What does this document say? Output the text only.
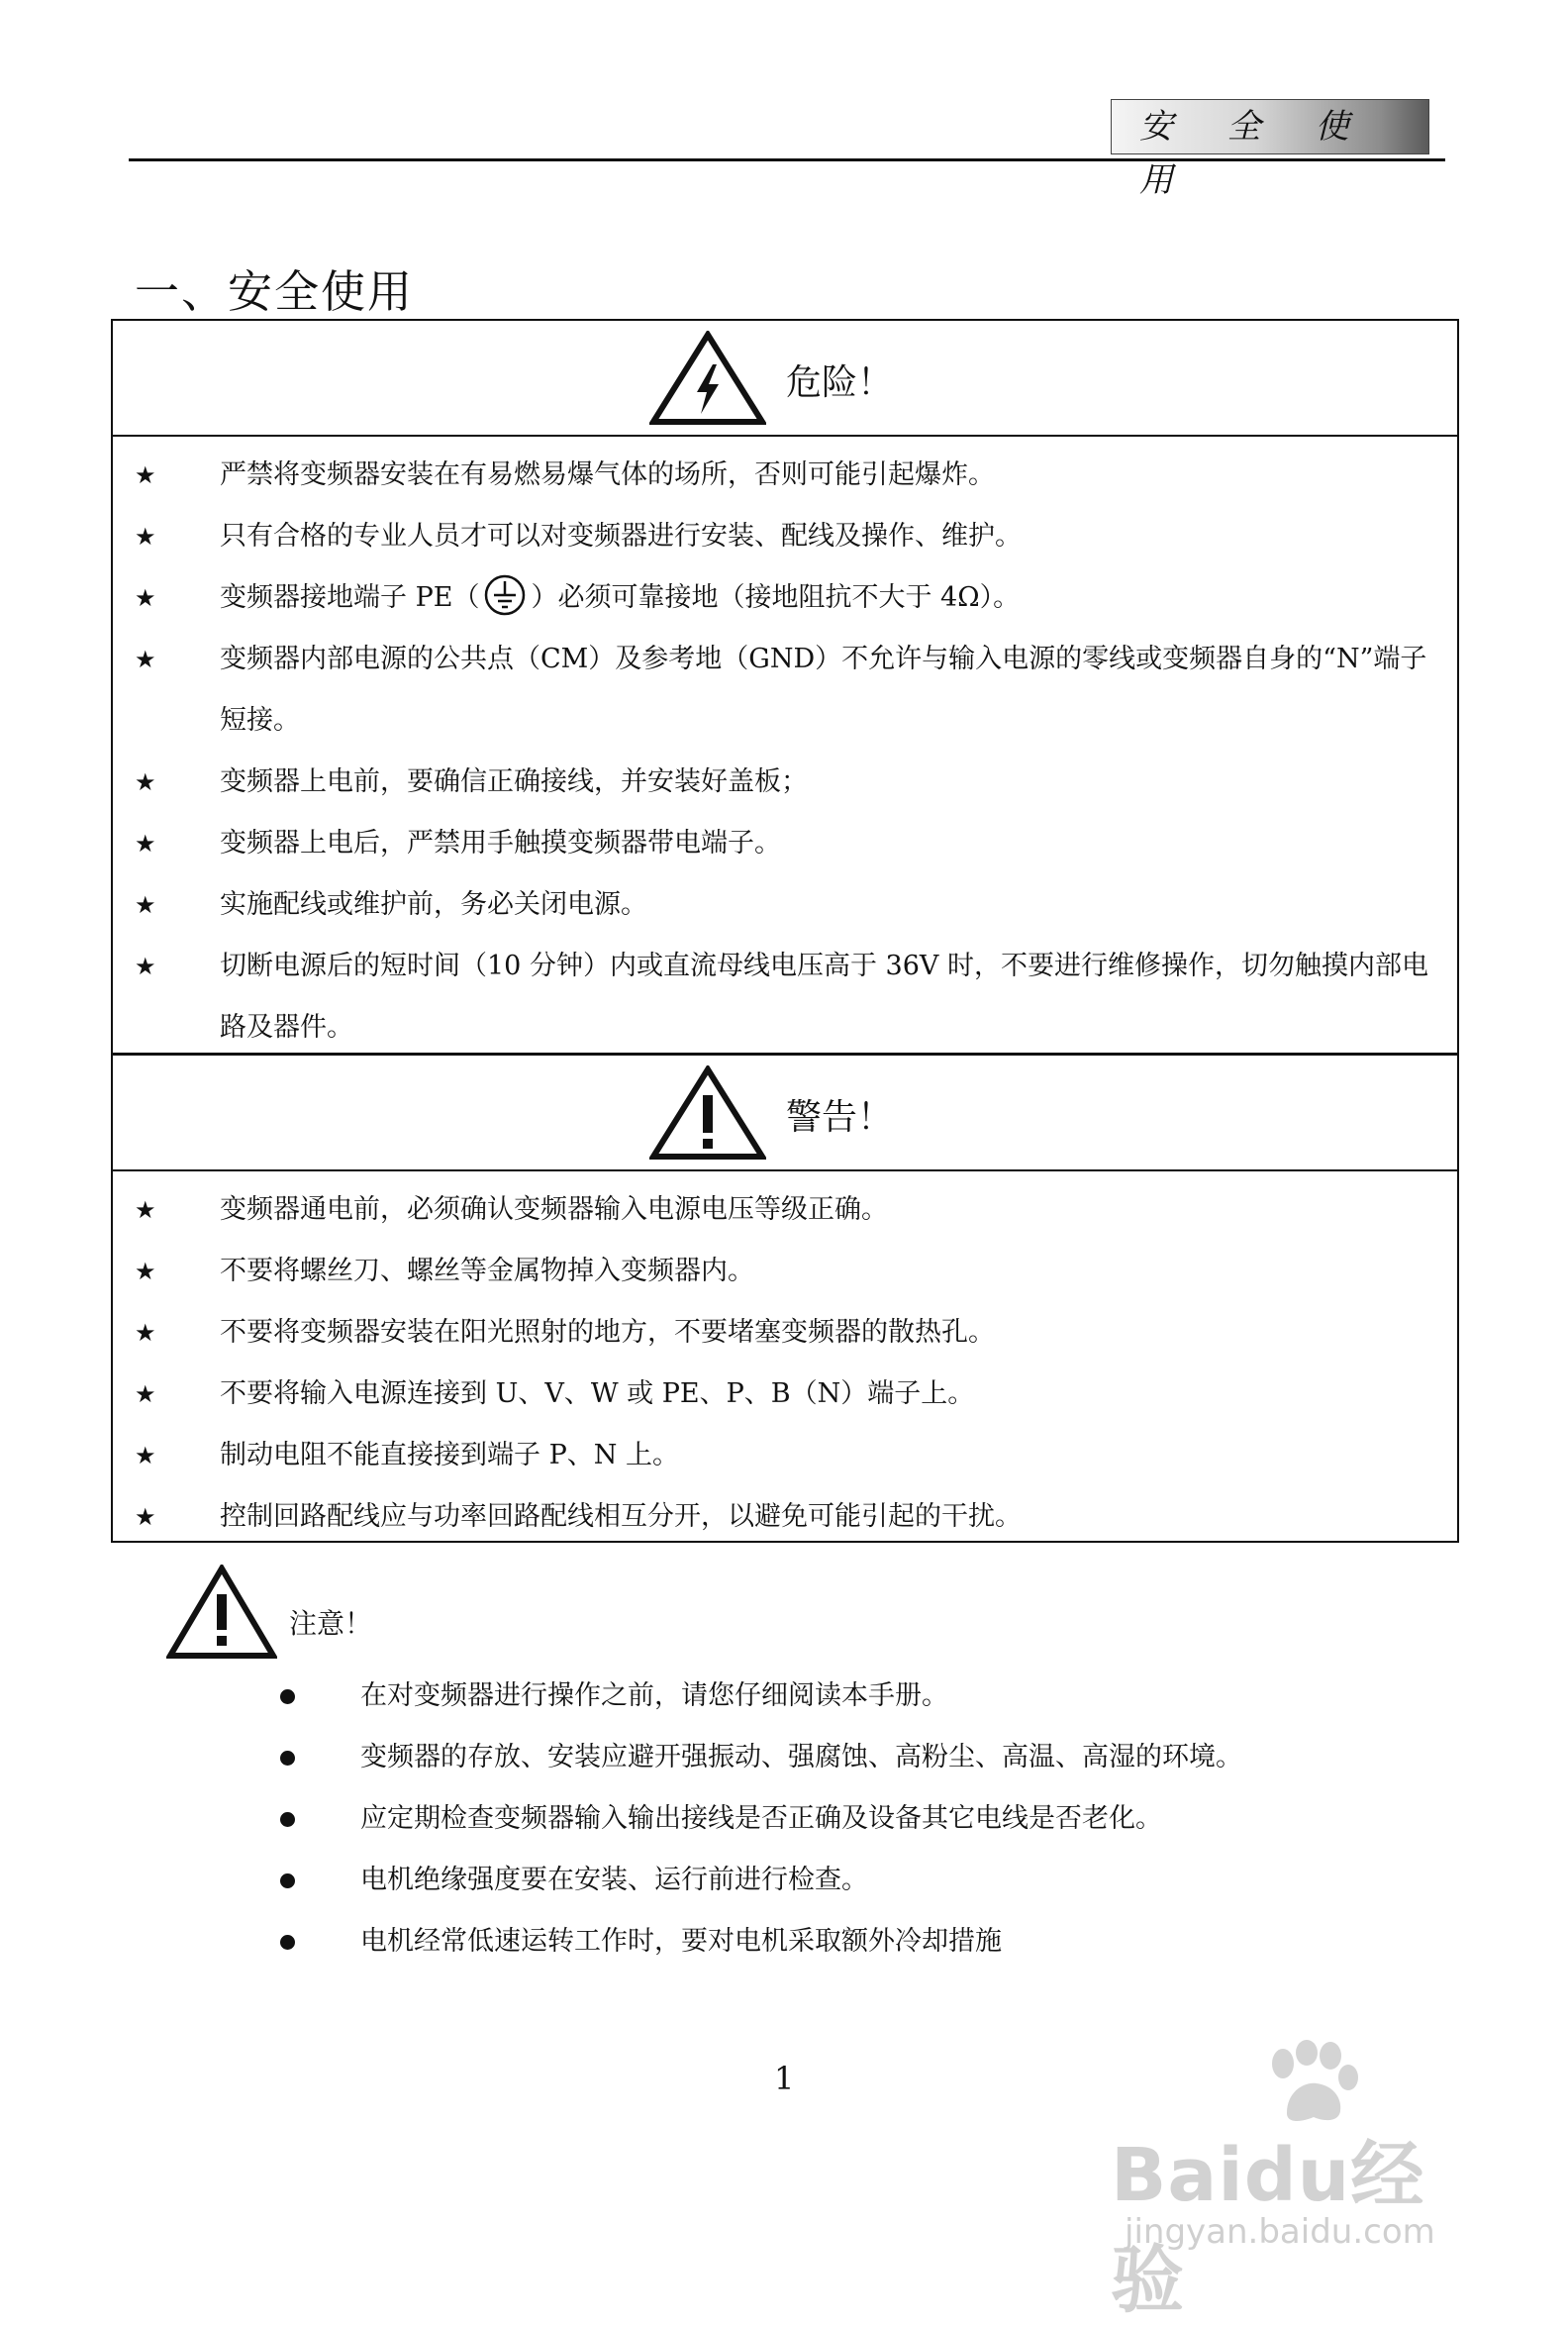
安 全 使 用
一、安全使用
危险！
★ 严禁将变频器安装在有易燃易爆气体的场所，否则可能引起爆炸。
★ 只有合格的专业人员才可以对变频器进行安装、配线及操作、维护。
★ 变频器接地端子 PE（ ）必须可靠接地（接地阻抗不大于 4Ω）。
★ 变频器内部电源的公共点（CM）及参考地（GND）不允许与输入电源的零线或变频器自身的“N”端子短接。
★ 变频器上电前，要确信正确接线，并安装好盖板；
★ 变频器上电后，严禁用手触摸变频器带电端子。
★ 实施配线或维护前，务必关闭电源。
★ 切断电源后的短时间（10 分钟）内或直流母线电压高于 36V 时，不要进行维修操作，切勿触摸内部电路及器件。
警告！
★ 变频器通电前，必须确认变频器输入电源电压等级正确。
★ 不要将螺丝刀、螺丝等金属物掉入变频器内。
★ 不要将变频器安装在阳光照射的地方，不要堵塞变频器的散热孔。
★ 不要将输入电源连接到 U、V、W 或 PE、P、B（N）端子上。
★ 制动电阻不能直接接到端子 P、N 上。
★ 控制回路配线应与功率回路配线相互分开，以避免可能引起的干扰。
注意！
在对变频器进行操作之前，请您仔细阅读本手册。
变频器的存放、安装应避开强振动、强腐蚀、高粉尘、高温、高湿的环境。
应定期检查变频器输入输出接线是否正确及设备其它电线是否老化。
电机绝缘强度要在安装、运行前进行检查。
电机经常低速运转工作时，要对电机采取额外冷却措施
1
Baidu经验
jingyan.baidu.com
